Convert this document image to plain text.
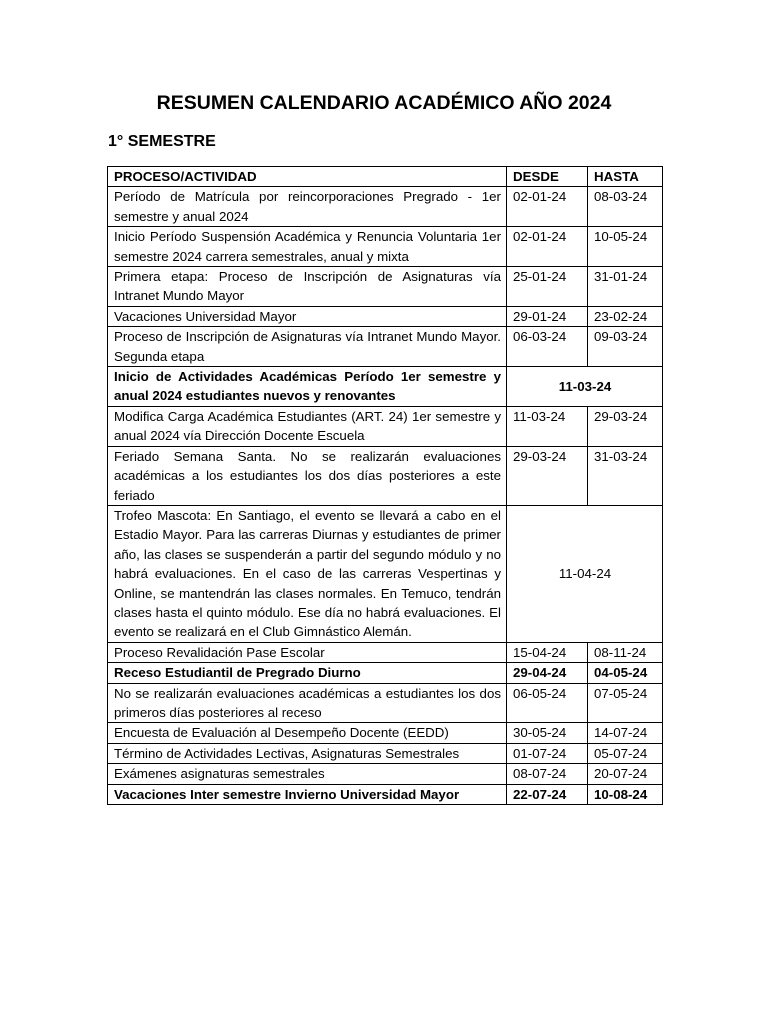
RESUMEN CALENDARIO ACADÉMICO AÑO 2024
1° SEMESTRE
PROCESO/ACTIVIDAD	DESDE	HASTA
Período de Matrícula por reincorporaciones Pregrado - 1er semestre y anual 2024	02-01-24	08-03-24
Inicio Período Suspensión Académica y Renuncia Voluntaria 1er semestre 2024 carrera semestrales, anual y mixta	02-01-24	10-05-24
Primera etapa: Proceso de Inscripción de Asignaturas vía Intranet Mundo Mayor	25-01-24	31-01-24
Vacaciones Universidad Mayor	29-01-24	23-02-24
Proceso de Inscripción de Asignaturas vía Intranet Mundo Mayor. Segunda etapa	06-03-24	09-03-24
Inicio de Actividades Académicas Período 1er semestre y anual 2024 estudiantes nuevos y renovantes	11-03-24	
Modifica Carga Académica Estudiantes (ART. 24) 1er semestre y anual 2024 vía Dirección Docente Escuela	11-03-24	29-03-24
Feriado Semana Santa. No se realizarán evaluaciones académicas a los estudiantes los dos días posteriores a este feriado	29-03-24	31-03-24
Trofeo Mascota: En Santiago, el evento se llevará a cabo en el Estadio Mayor. Para las carreras Diurnas y estudiantes de primer año, las clases se suspenderán a partir del segundo módulo y no habrá evaluaciones. En el caso de las carreras Vespertinas y Online, se mantendrán las clases normales. En Temuco, tendrán clases hasta el quinto módulo. Ese día no habrá evaluaciones. El evento se realizará en el Club Gimnástico Alemán.	11-04-24	
Proceso Revalidación Pase Escolar	15-04-24	08-11-24
Receso Estudiantil de Pregrado Diurno	29-04-24	04-05-24
No se realizarán evaluaciones académicas a estudiantes los dos primeros días posteriores al receso	06-05-24	07-05-24
Encuesta de Evaluación al Desempeño Docente (EEDD)	30-05-24	14-07-24
Término de Actividades Lectivas, Asignaturas Semestrales	01-07-24	05-07-24
Exámenes asignaturas semestrales	08-07-24	20-07-24
Vacaciones Inter semestre Invierno Universidad Mayor	22-07-24	10-08-24
